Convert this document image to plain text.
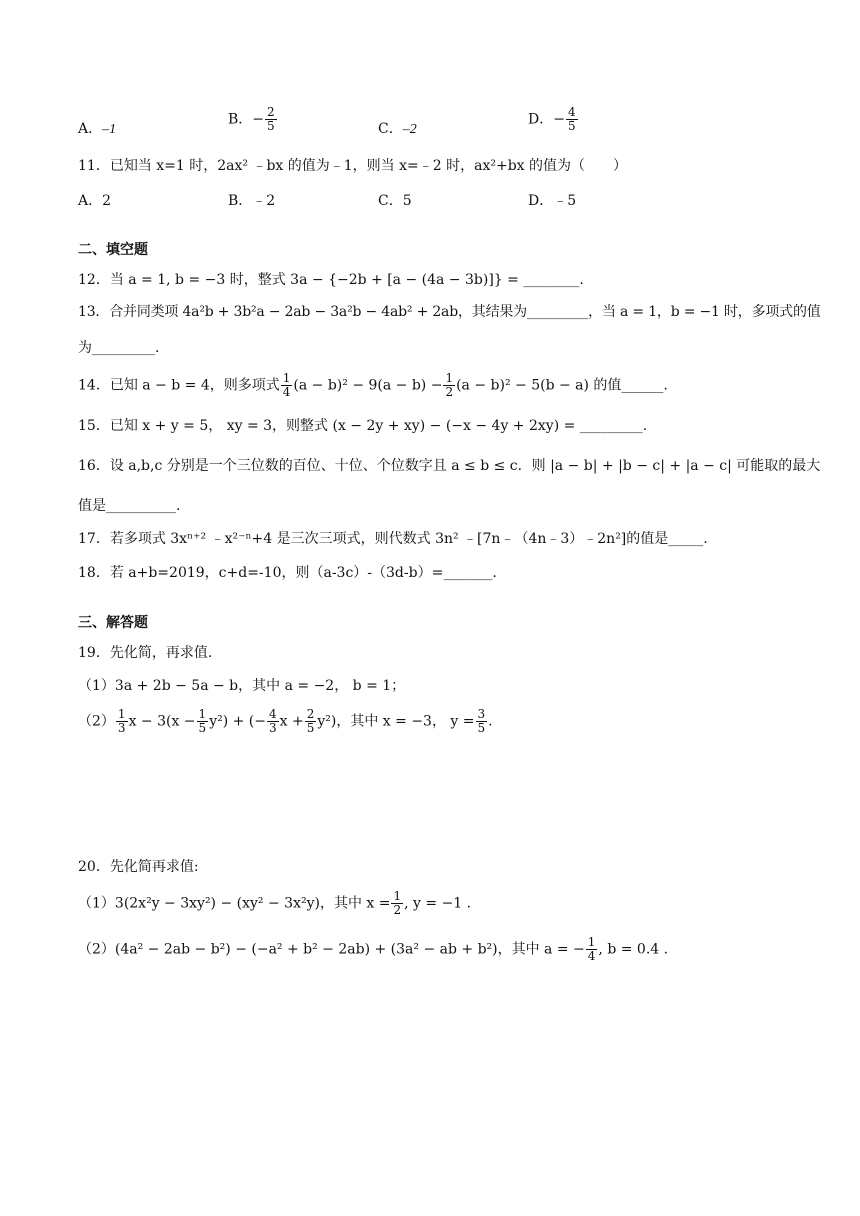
A．–1
B．− $\frac{2}{5}$	C．–2
D．− $\frac{4}{5}$
11．已知当 x=1 时，2ax² ﹣bx 的值为﹣1，则当 x=﹣2 时，ax²+bx 的值为（　　）
A．2	B．﹣2	C．5	D．﹣5
二、填空题
12．当 a = 1, b = −3 时，整式 3a − {−2b + [a − (4a − 3b)]} = ________.
13．合并同类项 4a²b + 3b²a − 2ab − 3a²b − 4ab² + 2ab，其结果为_________，当 a = 1，b = −1 时，多项式的值
为_________.
14．已知 a − b = 4，则多项式 $\frac{1}{4} (a - b)^2 - 9(a - b) - \frac{1}{2} (a - b)^2 - 5(b - a)$ 的值______.
15．已知 x + y = 5， xy = 3，则整式 (x − 2y + xy) − (−x − 4y + 2xy) = _________.
16．设 a,b,c 分别是一个三位数的百位、十位、个位数字且 a ≤ b ≤ c．则 |a − b| + |b − c| + |a − c| 可能取的最大
值是__________.
17．若多项式 3xⁿ⁺² ﹣x²⁻ⁿ+4 是三次三项式，则代数式 3n² ﹣[7n﹣（4n﹣3）﹣2n²]的值是_____.
18．若 a+b=2019，c+d=-10，则（a-3c）-（3d-b）=_______.
三、解答题
19．先化简，再求值.
（1）3a + 2b − 5a − b，其中 a = −2， b = 1；
$(2) \frac{1}{3}$ $x - 3(x - \frac{1}{5} y^2)$ + (− $\frac{4}{3}$ $x + \frac{2}{5} y^2$)，其中 x = −3， $y = \frac{3}{5}$ .
20．先化简再求值:
（1）3(2x²y − 3xy²) − (xy² − 3x²y)，其中 $x = \frac{1}{2}$ , y = −1 .
（2）(4a² − 2ab − b²) − (−a² + b² − 2ab) + (3a² − ab + b²)，其中 a = − $\frac{1}{4}$ , b = 0.4 .
